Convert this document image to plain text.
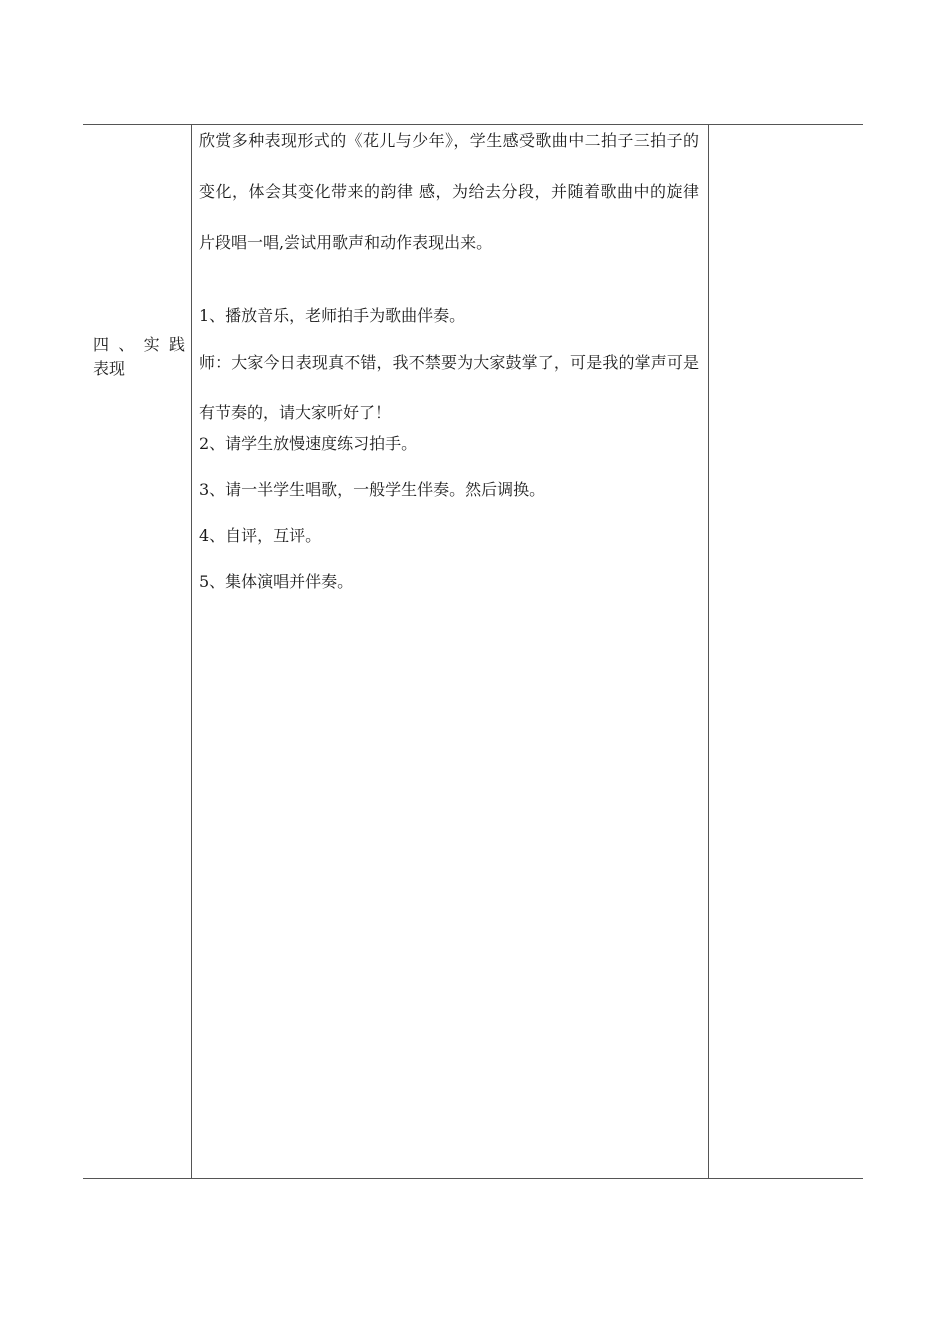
四、实践
表现

欣赏多种表现形式的《花儿与少年》，学生感受歌曲中二拍子三拍子的变化，体会其变化带来的韵律 感，为给去分段，并随着歌曲中的旋律片段唱一唱,尝试用歌声和动作表现出来。

1、播放音乐，老师拍手为歌曲伴奏。

师：大家今日表现真不错，我不禁要为大家鼓掌了，可是我的掌声可是有节奏的，请大家听好了！

2、请学生放慢速度练习拍手。

3、请一半学生唱歌，一般学生伴奏。然后调换。

4、自评，互评。

5、集体演唱并伴奏。
